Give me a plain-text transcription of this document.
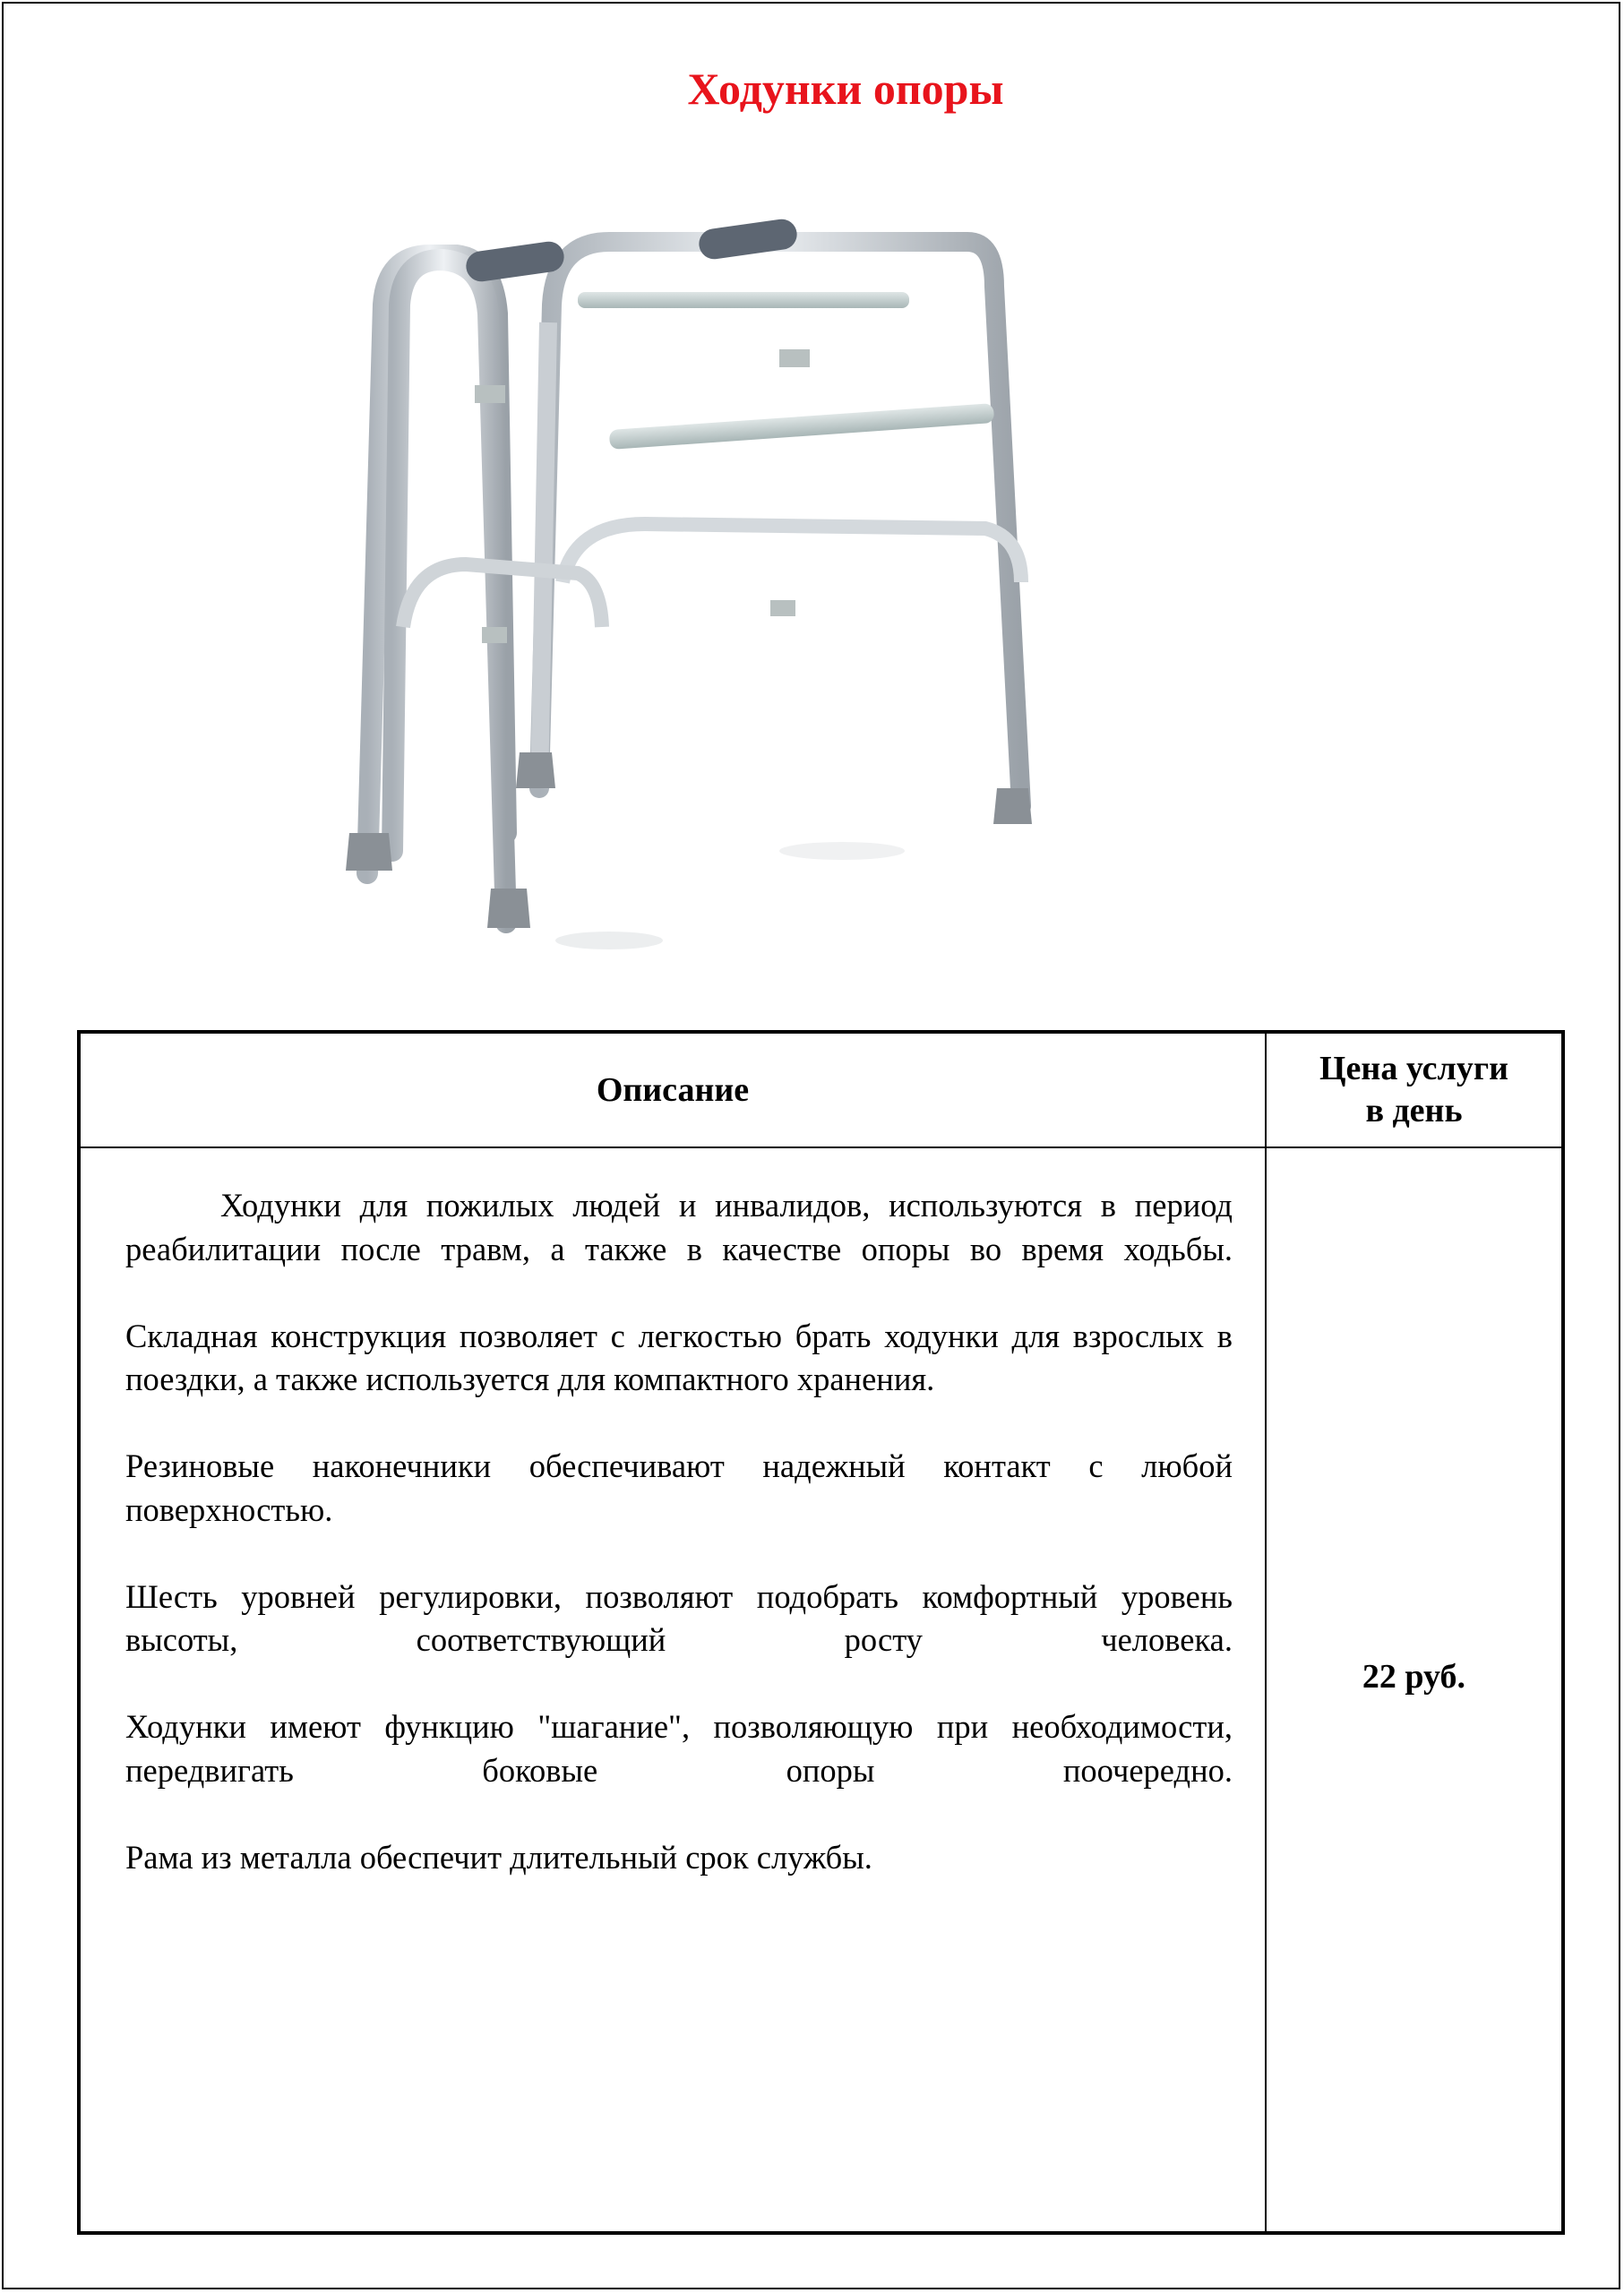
Ходунки опоры
Описание
Цена услуги
в день

Ходунки для пожилых людей и инвалидов, используются в период реабилитации после травм, а также в качестве опоры во время ходьбы.

Складная конструкция позволяет с легкостью брать ходунки для взрослых в поездки, а также используется для компактного хранения.

Резиновые наконечники обеспечивают надежный контакт с любой поверхностью.

Шесть уровней регулировки, позволяют подобрать комфортный уровень высоты, соответствующий росту человека.

Ходунки имеют функцию "шагание", позволяющую при необходимости, передвигать боковые опоры поочередно.

Рама из металла обеспечит длительный срок службы.

22 руб.
